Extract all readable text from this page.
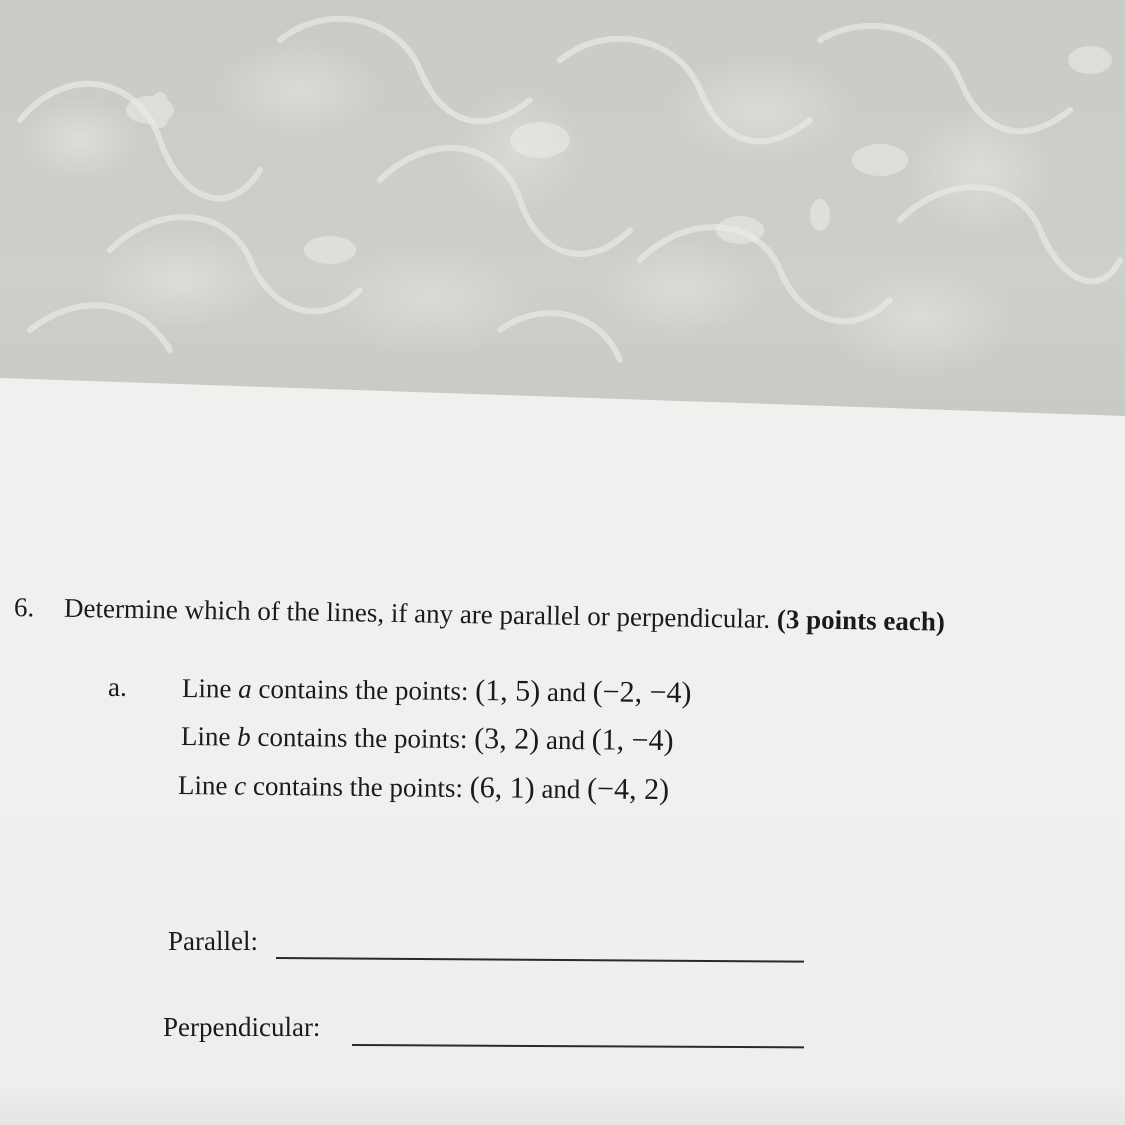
6. Determine which of the lines, if any are parallel or perpendicular. (3 points each)
a. Line a contains the points: (1, 5) and (−2, −4)
Line b contains the points: (3, 2) and (1, −4)
Line c contains the points: (6, 1) and (−4, 2)
Parallel:
Perpendicular:
